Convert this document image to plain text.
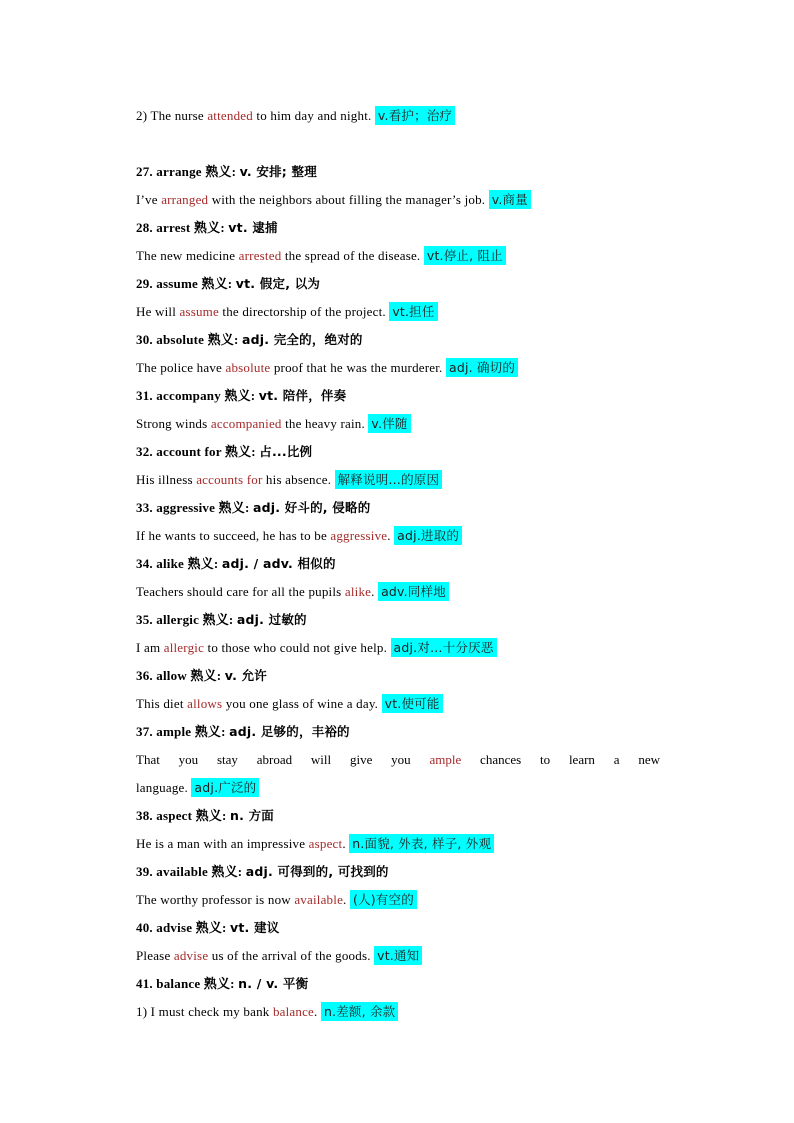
2) The nurse attended to him day and night. v.看护；治疗
27. arrange 熟义: v. 安排; 整理
I’ve arranged with the neighbors about filling the manager’s job. v.商量
28. arrest 熟义: vt. 逮捕
The new medicine arrested the spread of the disease. vt.停止, 阻止
29. assume 熟义: vt. 假定, 以为
He will assume the directorship of the project. vt.担任
30. absolute 熟义: adj. 完全的，绝对的
The police have absolute proof that he was the murderer. adj. 确切的
31. accompany 熟义: vt. 陪伴，伴奏
Strong winds accompanied the heavy rain. v.伴随
32. account for 熟义: 占...比例
His illness accounts for his absence. 解释说明…的原因
33. aggressive 熟义: adj. 好斗的, 侵略的
If he wants to succeed, he has to be aggressive. adj.进取的
34. alike 熟义: adj. / adv. 相似的
Teachers should care for all the pupils alike. adv.同样地
35. allergic 熟义: adj. 过敏的
I am allergic to those who could not give help. adj.对…十分厌恶
36. allow 熟义: v. 允许
This diet allows you one glass of wine a day. vt.使可能
37. ample 熟义: adj. 足够的，丰裕的
That you stay abroad will give you ample chances to learn a new
language. adj.广泛的
38. aspect 熟义: n. 方面
He is a man with an impressive aspect. n.面貌, 外表, 样子, 外观
39. available 熟义: adj. 可得到的, 可找到的
The worthy professor is now available. (人)有空的
40. advise 熟义: vt. 建议
Please advise us of the arrival of the goods. vt.通知
41. balance 熟义: n. / v. 平衡
1) I must check my bank balance. n.差额, 余款
